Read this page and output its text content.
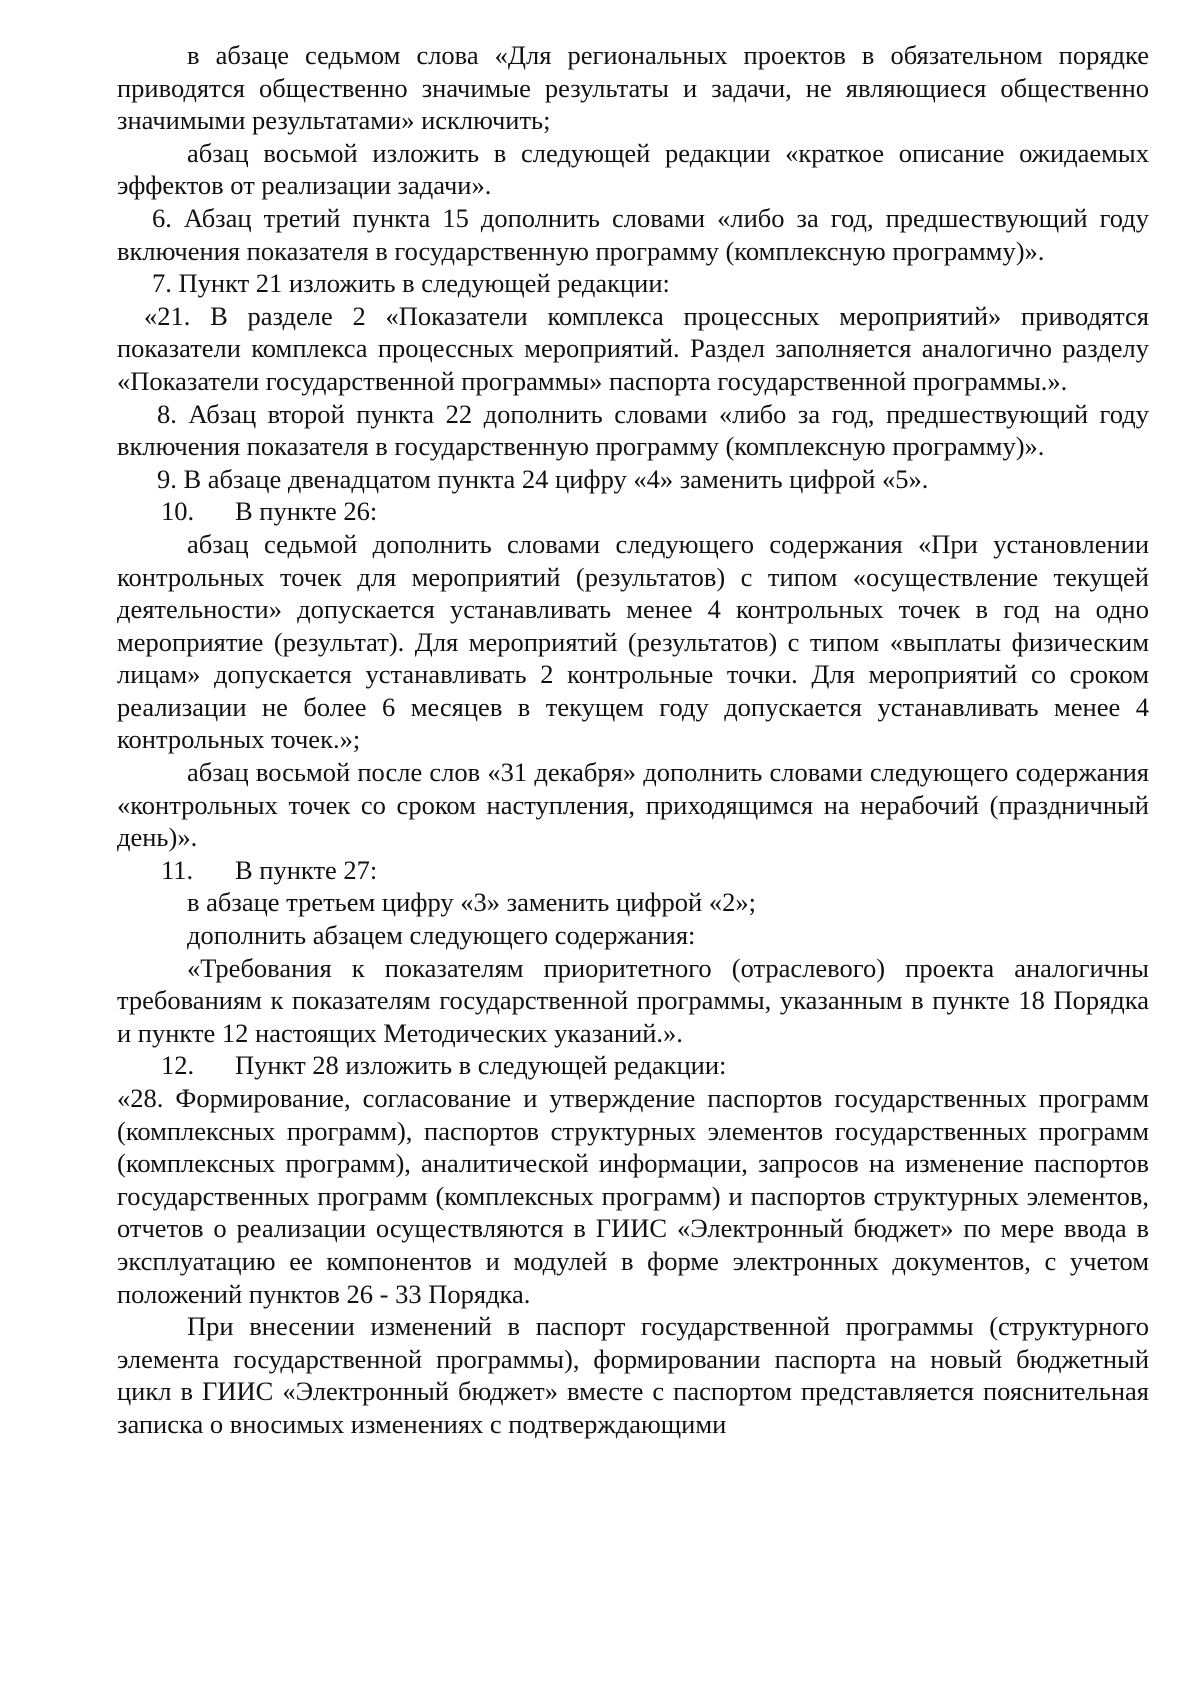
в абзаце седьмом слова «Для региональных проектов в обязательном порядке приводятся общественно значимые результаты и задачи, не являющиеся общественно значимыми результатами» исключить;

абзац восьмой изложить в следующей редакции «краткое описание ожидаемых эффектов от реализации задачи».

6. Абзац третий пункта 15 дополнить словами «либо за год, предшествующий году включения показателя в государственную программу (комплексную программу)».

7. Пункт 21 изложить в следующей редакции:

«21. В разделе 2 «Показатели комплекса процессных мероприятий» приводятся показатели комплекса процессных мероприятий. Раздел заполняется аналогично разделу «Показатели государственной программы» паспорта государственной программы.».

8. Абзац второй пункта 22 дополнить словами «либо за год, предшествующий году включения показателя в государственную программу (комплексную программу)».

9. В абзаце двенадцатом пункта 24 цифру «4» заменить цифрой «5».

10.	В пункте 26:

абзац седьмой дополнить словами следующего содержания «При установлении контрольных точек для мероприятий (результатов) с типом «осуществление текущей деятельности» допускается устанавливать менее 4 контрольных точек в год на одно мероприятие (результат). Для мероприятий (результатов) с типом «выплаты физическим лицам» допускается устанавливать 2 контрольные точки. Для мероприятий со сроком реализации не более 6 месяцев в текущем году допускается устанавливать менее 4 контрольных точек.»;

абзац восьмой после слов «31 декабря» дополнить словами следующего содержания «контрольных точек со сроком наступления, приходящимся на нерабочий (праздничный день)».

11.	В пункте 27:

в абзаце третьем цифру «3» заменить цифрой «2»;

дополнить абзацем следующего содержания:

«Требования к показателям приоритетного (отраслевого) проекта аналогичны требованиям к показателям государственной программы, указанным в пункте 18 Порядка и пункте 12 настоящих Методических указаний.».

12.	Пункт 28 изложить в следующей редакции:

«28. Формирование, согласование и утверждение паспортов государственных программ (комплексных программ), паспортов структурных элементов государственных программ (комплексных программ), аналитической информации, запросов на изменение паспортов государственных программ (комплексных программ) и паспортов структурных элементов, отчетов о реализации осуществляются в ГИИС «Электронный бюджет» по мере ввода в эксплуатацию ее компонентов и модулей в форме электронных документов, с учетом положений пунктов 26 - 33 Порядка.

При внесении изменений в паспорт государственной программы (структурного элемента государственной программы), формировании паспорта на новый бюджетный цикл в ГИИС «Электронный бюджет» вместе с паспортом представляется пояснительная записка о вносимых изменениях с подтверждающими
